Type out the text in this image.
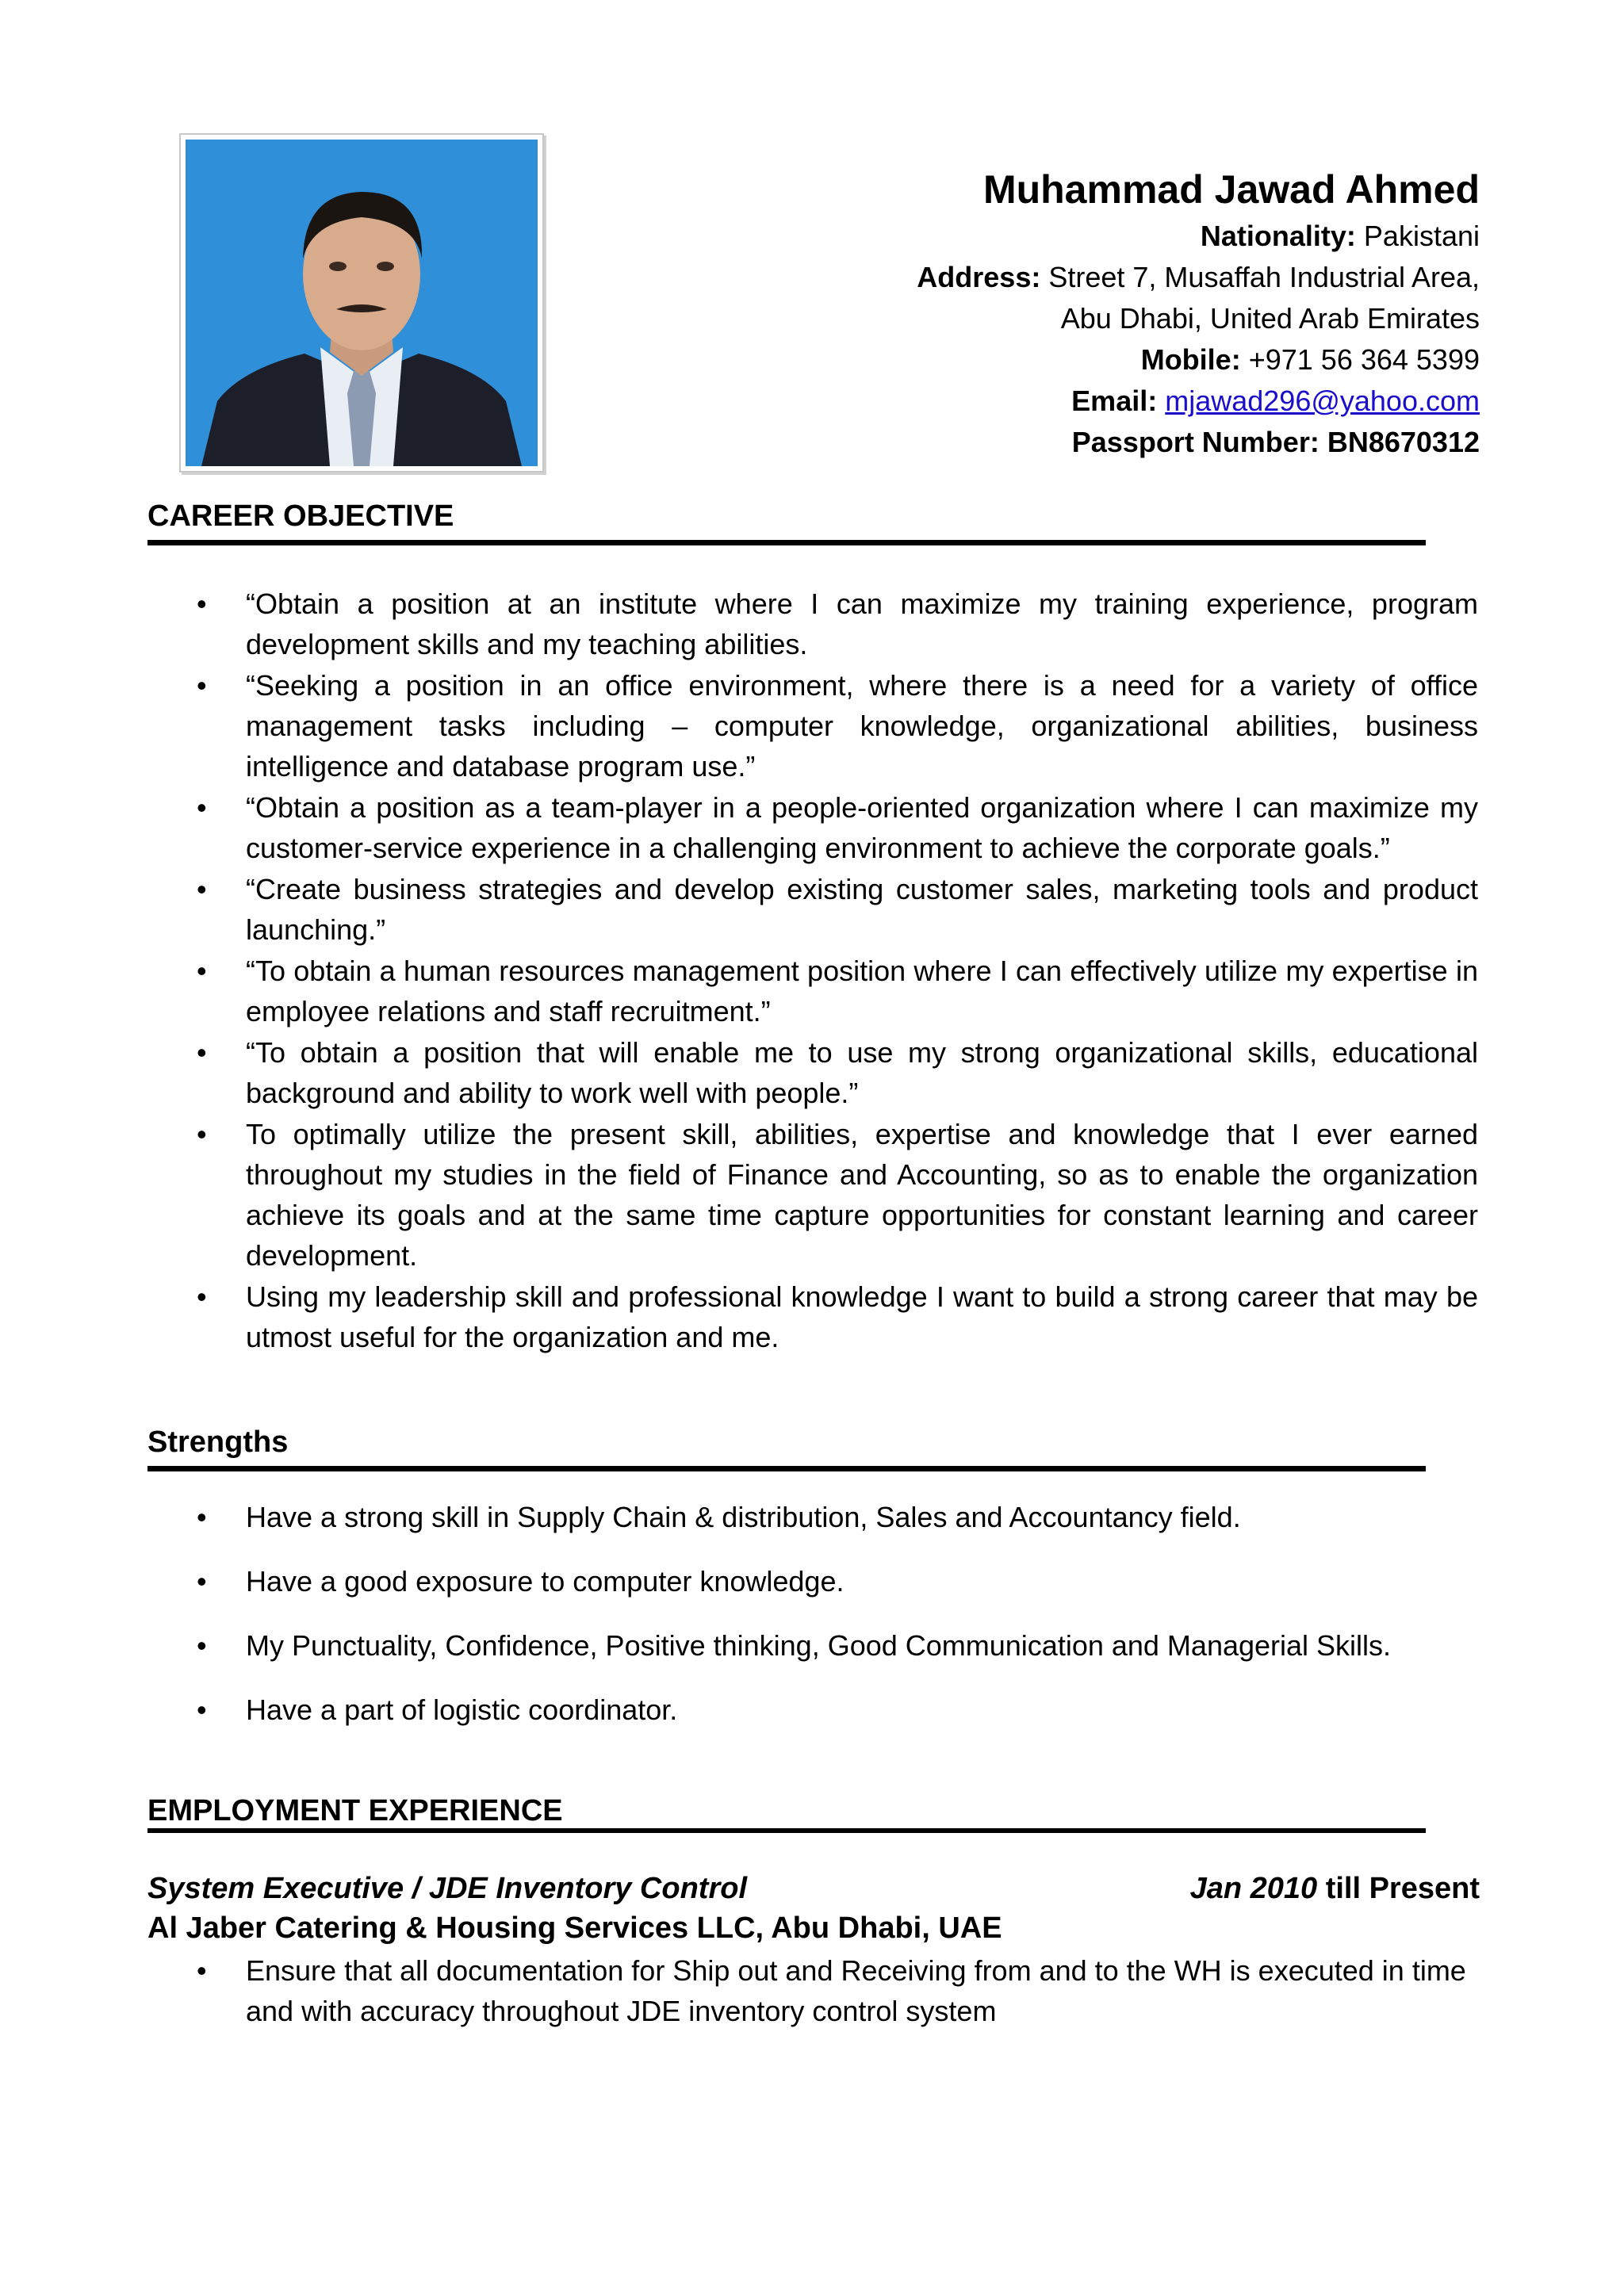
Muhammad Jawad Ahmed
Nationality: Pakistani
Address: Street 7, Musaffah Industrial Area,
Abu Dhabi, United Arab Emirates
Mobile: +971 56 364 5399
Email: mjawad296@yahoo.com
Passport Number: BN8670312
CAREER OBJECTIVE
• “Obtain a position at an institute where I can maximize my training experience, program development skills and my teaching abilities.
• “Seeking a position in an office environment, where there is a need for a variety of office management tasks including – computer knowledge, organizational abilities, business intelligence and database program use.”
• “Obtain a position as a team-player in a people-oriented organization where I can maximize my customer-service experience in a challenging environment to achieve the corporate goals.”
• “Create business strategies and develop existing customer sales, marketing tools and product launching.”
• “To obtain a human resources management position where I can effectively utilize my expertise in employee relations and staff recruitment.”
• “To obtain a position that will enable me to use my strong organizational skills, educational background and ability to work well with people.”
• To optimally utilize the present skill, abilities, expertise and knowledge that I ever earned throughout my studies in the field of Finance and Accounting, so as to enable the organization achieve its goals and at the same time capture opportunities for constant learning and career development.
• Using my leadership skill and professional knowledge I want to build a strong career that may be utmost useful for the organization and me.
Strengths
• Have a strong skill in Supply Chain & distribution, Sales and Accountancy field.
• Have a good exposure to computer knowledge.
• My Punctuality, Confidence, Positive thinking, Good Communication and Managerial Skills.
• Have a part of logistic coordinator.
EMPLOYMENT EXPERIENCE
System Executive / JDE Inventory Control	Jan 2010 till Present
Al Jaber Catering & Housing Services LLC, Abu Dhabi, UAE
• Ensure that all documentation for Ship out and Receiving from and to the WH is executed in time and with accuracy throughout JDE inventory control system
